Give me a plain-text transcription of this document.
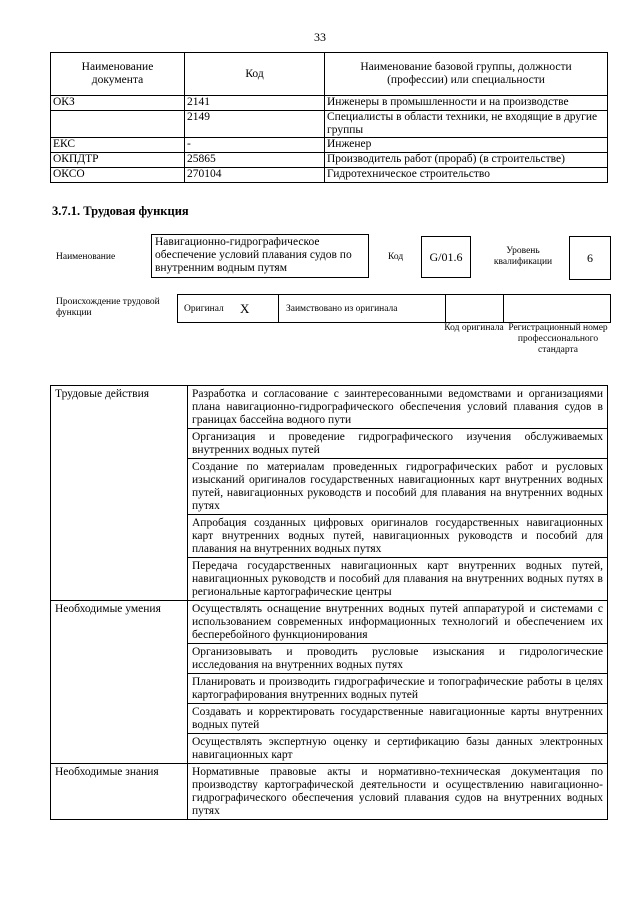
33
Наименование документа	Код	Наименование базовой группы, должности (профессии) или специальности
ОКЗ	2141	Инженеры в промышленности и на производстве
	2149	Специалисты в области техники, не входящие в другие группы
ЕКС	-	Инженер
ОКПДТР	25865	Производитель работ (прораб) (в строительстве)
ОКСО	270104	Гидротехническое строительство
3.7.1. Трудовая функция
Наименование
Навигационно-гидрографическое обеспечение условий плавания судов по внутренним водным путям
Код	G/01.6	Уровень квалификации	6
Происхождение трудовой функции	Оригинал X	Заимствовано из оригинала
Код оригинала Регистрационный номер профессионального стандарта
Трудовые действия	Разработка и согласование с заинтересованными ведомствами и организациями плана навигационно-гидрографического обеспечения условий плавания судов в границах бассейна водного пути
	Организация и проведение гидрографического изучения обслуживаемых внутренних водных путей
	Создание по материалам проведенных гидрографических работ и русловых изысканий оригиналов государственных навигационных карт внутренних водных путей, навигационных руководств и пособий для плавания на внутренних водных путях
	Апробация созданных цифровых оригиналов государственных навигационных карт внутренних водных путей, навигационных руководств и пособий для плавания на внутренних водных путях
	Передача государственных навигационных карт внутренних водных путей, навигационных руководств и пособий для плавания на внутренних водных путях в региональные картографические центры
Необходимые умения	Осуществлять оснащение внутренних водных путей аппаратурой и системами с использованием современных информационных технологий и обеспечением их бесперебойного функционирования
	Организовывать и проводить русловые изыскания и гидрологические исследования на внутренних водных путях
	Планировать и производить гидрографические и топографические работы в целях картографирования внутренних водных путей
	Создавать и корректировать государственные навигационные карты внутренних водных путей
	Осуществлять экспертную оценку и сертификацию базы данных электронных навигационных карт
Необходимые знания	Нормативные правовые акты и нормативно-техническая документация по производству картографической деятельности и осуществлению навигационно-гидрографического обеспечения условий плавания судов на внутренних водных путях
